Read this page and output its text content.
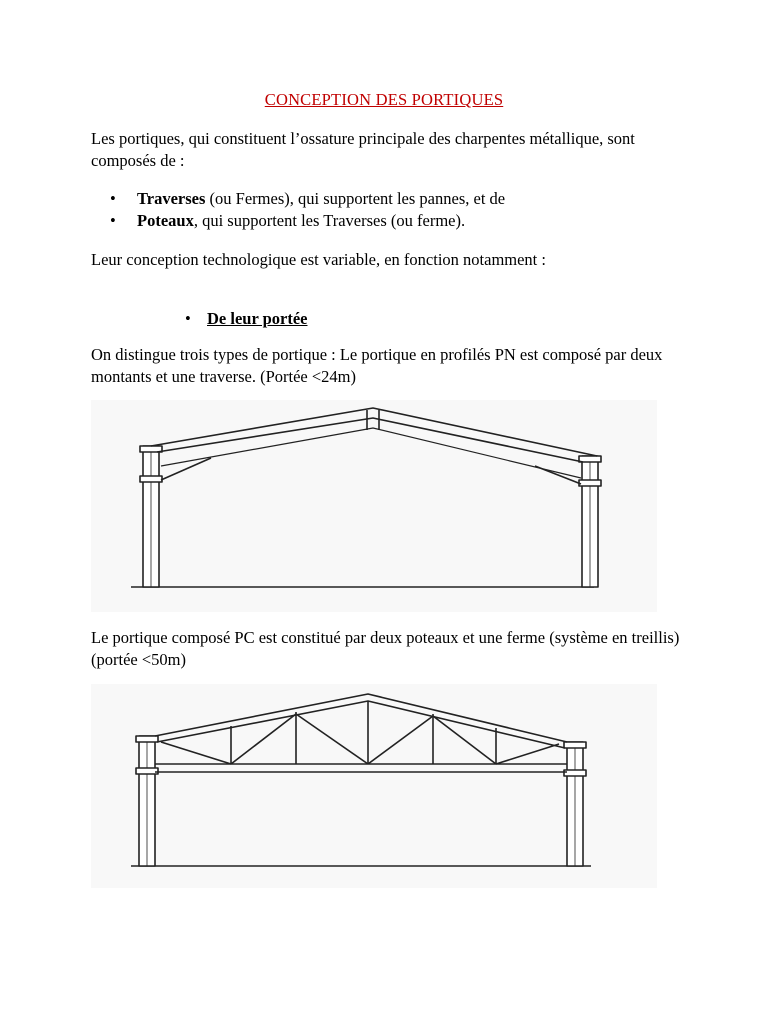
CONCEPTION DES PORTIQUES
Les portiques, qui constituent l’ossature principale des charpentes métallique, sont composés de :
• Traverses (ou Fermes), qui supportent les pannes, et de
• Poteaux, qui supportent les Traverses (ou ferme).
Leur conception technologique est variable, en fonction notamment :
• De leur portée
On distingue trois types de portique : Le portique en profilés PN est composé par deux montants et une traverse. (Portée <24m)
Le portique composé PC est constitué par deux poteaux et une ferme (système en treillis) (portée <50m)
